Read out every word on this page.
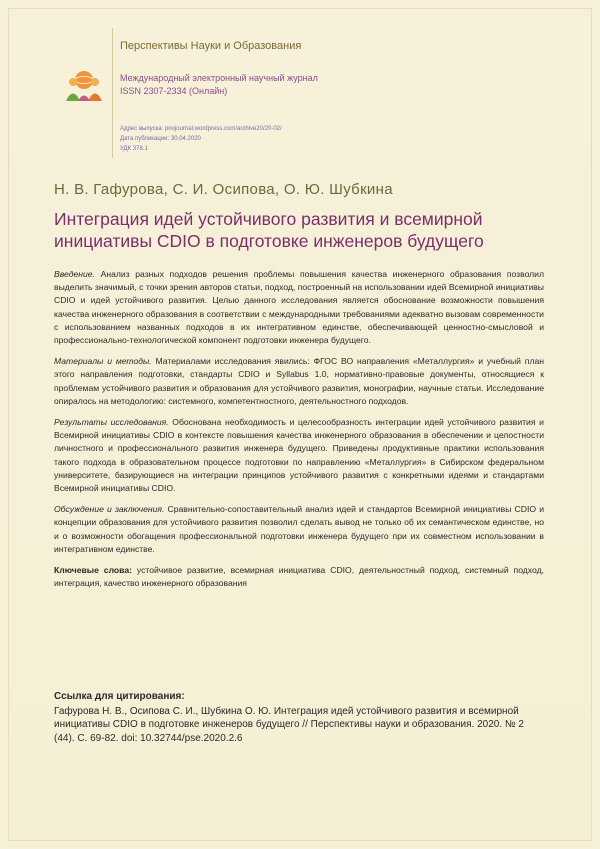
Перспективы Науки и Образования
Международный электронный научный журнал
ISSN 2307-2334 (Онлайн)
Адрес выпуска: pnojournal.wordpress.com/archive20/20-02/
Дата публикации: 30.04.2020
УДК 378.1
Н. В. Гафурова, С. И. Осипова, О. Ю. Шубкина
Интеграция идей устойчивого развития и всемирной инициативы CDIO в подготовке инженеров будущего

Введение. Анализ разных подходов решения проблемы повышения качества инженерного образования позволил выделить значимый, с точки зрения авторов статьи, подход, построенный на использовании идей Всемирной инициативы CDIO и идей устойчивого развития. Целью данного исследования является обоснование возможности повышения качества инженерного образования в соответствии с международными требованиями адекватно вызовам современности с использованием названных подходов в их интегративном единстве, обеспечивающей ценностно-смысловой и профессионально-технологической компонент подготовки инженера будущего.

Материалы и методы. Материалами исследования явились: ФГОС ВО направления «Металлургия» и учебный план этого направления подготовки, стандарты CDIO и Syllabus 1.0, нормативно-правовые документы, относящиеся к проблемам устойчивого развития и образования для устойчивого развития, монографии, научные статьи. Исследование опиралось на методологию: системного, компетентностного, деятельностного подходов.

Результаты исследования. Обоснована необходимость и целесообразность интеграции идей устойчивого развития и Всемирной инициативы CDIO в контексте повышения качества инженерного образования в обеспечении и целостности личностного и профессионального развития инженера будущего. Приведены продуктивные практики использования такого подхода в образовательном процессе подготовки по направлению «Металлургия» в Сибирском федеральном университете, базирующиеся на интеграции принципов устойчивого развития с конкретными идеями и стандартами Всемирной инициативы CDIO.

Обсуждение и заключения. Сравнительно-сопоставительный анализ идей и стандартов Всемирной инициативы CDIO и концепции образования для устойчивого развития позволил сделать вывод не только об их семантическом единстве, но и о возможности обогащения профессиональной подготовки инженера будущего при их совместном использовании в интегративном единстве.

Ключевые слова: устойчивое развитие, всемирная инициатива CDIO, деятельностный подход, системный подход, интеграция, качество инженерного образования

Ссылка для цитирования:
Гафурова Н. В., Осипова С. И., Шубкина О. Ю. Интеграция идей устойчивого развития и всемирной инициативы CDIO в подготовке инженеров будущего // Перспективы науки и образования. 2020. № 2 (44). С. 69-82. doi: 10.32744/pse.2020.2.6
